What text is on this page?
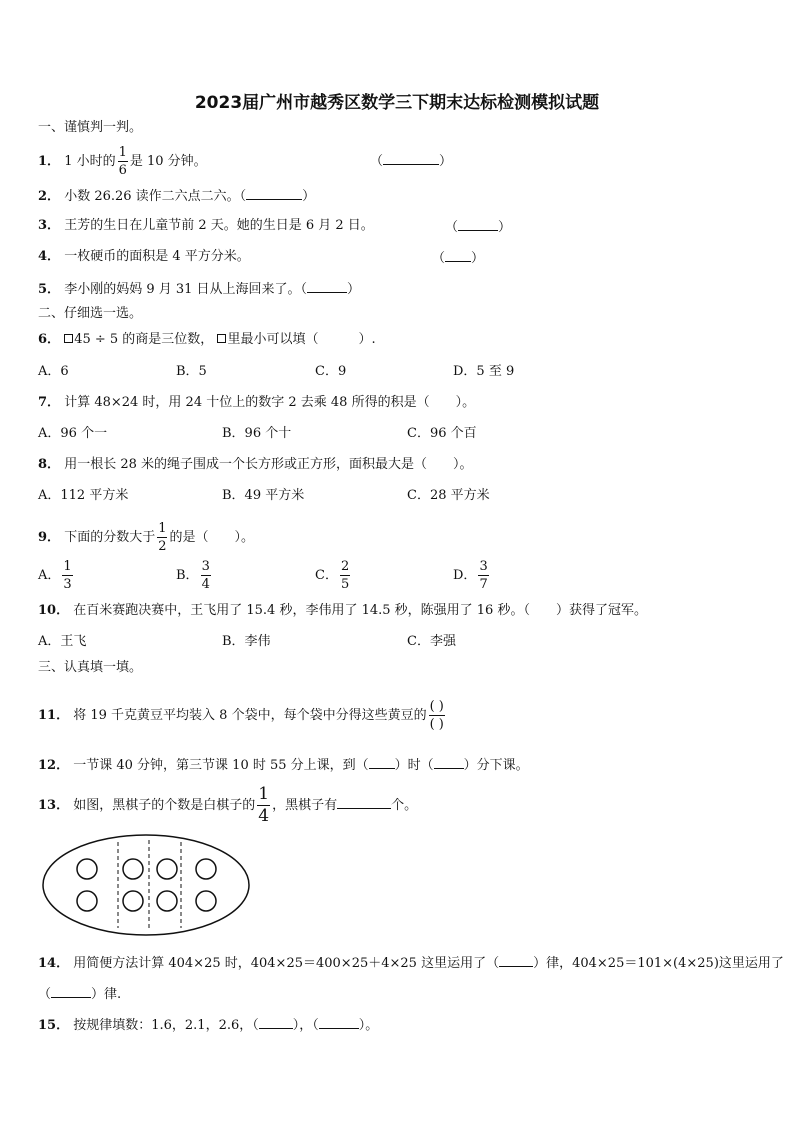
2023届广州市越秀区数学三下期末达标检测模拟试题
一、谨慎判一判。
1． 1 小时的 $\frac{1}{6}$ 是 10 分钟。	（	）
2． 小数 26.26 读作二六点二六。（	）
3． 王芳的生日在儿童节前 2 天。她的生日是 6 月 2 日。	（	）
4． 一枚硬币的面积是 4 平方分米。	（ ）
5． 李小刚的妈妈 9 月 31 日从上海回来了。（	）
二、仔细选一选。
6． 45 ÷ 5 的商是三位数， 里最小可以填（	）.
A．6	B．5	C．9	D．5 至 9
7． 计算 48×24 时，用 24 十位上的数字 2 去乘 48 所得的积是（　　）。
A．96 个一	B．96 个十	C．96 个百
8． 用一根长 28 米的绳子围成一个长方形或正方形，面积最大是（　　）。
A．112 平方米	B．49 平方米	C．28 平方米
9． 下面的分数大于 $\frac{1}{2}$ 的是（　　）。
A． $\frac{1}{3}$	B． $\frac{3}{4}$	C． $\frac{2}{5}$	D． $\frac{3}{7}$
10． 在百米赛跑决赛中，王飞用了 15.4 秒，李伟用了 14.5 秒，陈强用了 16 秒。（　　）获得了冠军。
A．王飞	B．李伟	C．李强
三、认真填一填。
11． 将 19 千克黄豆平均装入 8 个袋中，每个袋中分得这些黄豆的 $\frac{( )}{( )}$
12． 一节课 40 分钟，第三节课 10 时 55 分上课，到（ ）时（ ）分下课。
13． 如图，黑棋子的个数是白棋子的 $\frac{1}{4}$ ，黑棋子有	个。
14． 用简便方法计算 404×25 时，404×25＝400×25＋4×25 这里运用了（	）律，404×25＝101×(4×25)这里运用了
（	）律.
15． 按规律填数：1.6，2.1，2.6，（	），（	）。
